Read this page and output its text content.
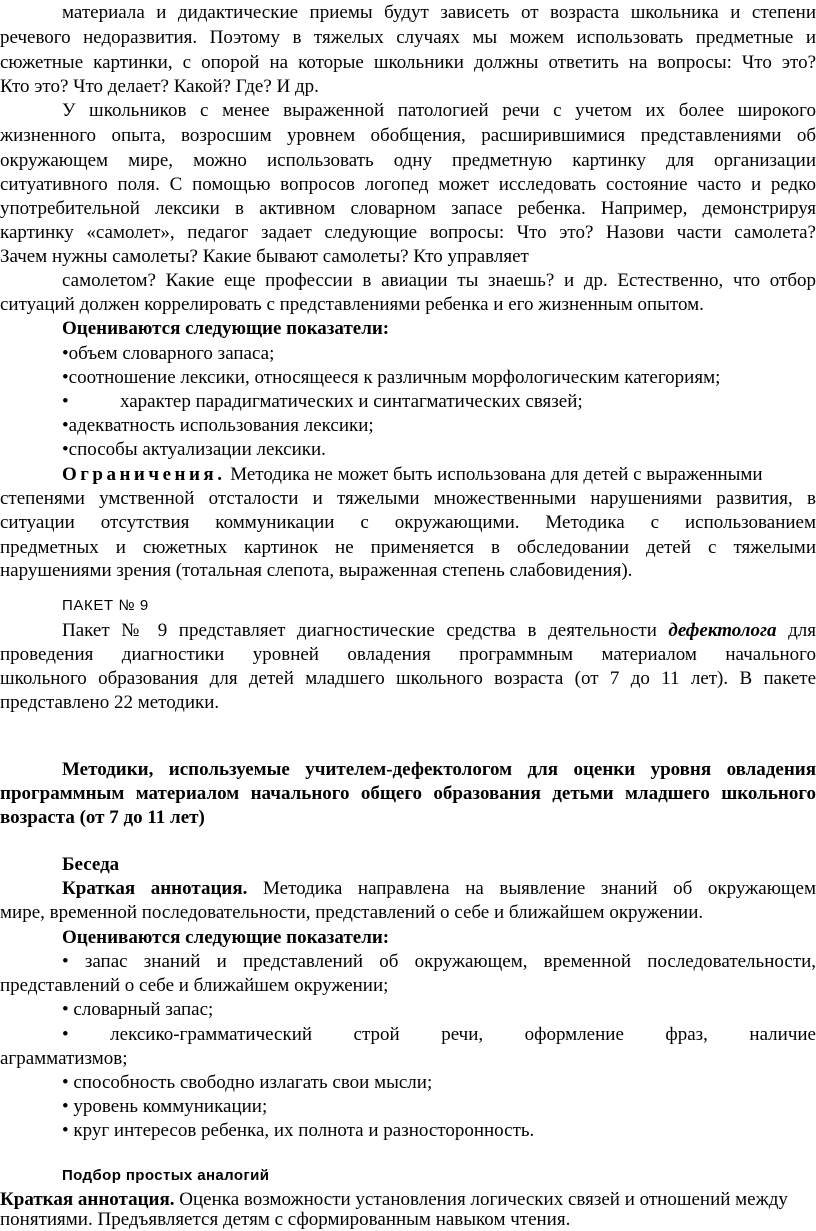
материала и дидактические приемы будут зависеть от возраста школьника и степени
речевого недоразвития. Поэтому в тяжелых случаях мы можем использовать предметные и
сюжетные картинки, с опорой на которые школьники должны ответить на вопросы: Что это?
Кто это? Что делает? Какой? Где? И др.
У школьников с менее выраженной патологией речи с учетом их более широкого
жизненного опыта, возросшим уровнем обобщения, расширившимися представлениями об
окружающем мире, можно использовать одну предметную картинку для организации
ситуативного поля. С помощью вопросов логопед может исследовать состояние часто и редко
употребительной лексики в активном словарном запасе ребенка. Например, демонстрируя
картинку «самолет», педагог задает следующие вопросы: Что это? Назови части самолета?
Зачем нужны самолеты? Какие бывают самолеты? Кто управляет
самолетом? Какие еще профессии в авиации ты знаешь? и др. Естественно, что отбор
ситуаций должен коррелировать с представлениями ребенка и его жизненным опытом.
Оцениваются следующие показатели:
•объем словарного запаса;
•соотношение лексики, относящееся к различным морфологическим категориям;
•	характер парадигматических и синтагматических связей;
•адекватность использования лексики;
•способы актуализации лексики.
Ограничения. Методика не может быть использована для детей с выраженными
степенями умственной отсталости и тяжелыми множественными нарушениями развития, в
ситуации отсутствия коммуникации с окружающими. Методика с использованием
предметных и сюжетных картинок не применяется в обследовании детей с тяжелыми
нарушениями зрения (тотальная слепота, выраженная степень слабовидения).
ПАКЕТ № 9
Пакет № 9 представляет диагностические средства в деятельности дефектолога для
проведения диагностики уровней овладения программным материалом начального
школьного образования для детей младшего школьного возраста (от 7 до 11 лет). В пакете
представлено 22 методики.
Методики, используемые учителем-дефектологом для оценки уровня овладения
программным материалом начального общего образования детьми младшего школьного
возраста (от 7 до 11 лет)
Беседа
Краткая аннотация. Методика направлена на выявление знаний об окружающем
мире, временной последовательности, представлений о себе и ближайшем окружении.
Оцениваются следующие показатели:
• запас знаний и представлений об окружающем, временной последовательности,
представлений о себе и ближайшем окружении;
• словарный запас;
• лексико-грамматический строй речи, оформление фраз, наличие
аграмматизмов;
• способность свободно излагать свои мысли;
• уровень коммуникации;
• круг интересов ребенка, их полнота и разносторонность.
Подбор простых аналогий
Краткая аннотация. Оценка возможности установления логических связей и отношений между
понятиями. Предъявляется детям с сформированным навыком чтения.
